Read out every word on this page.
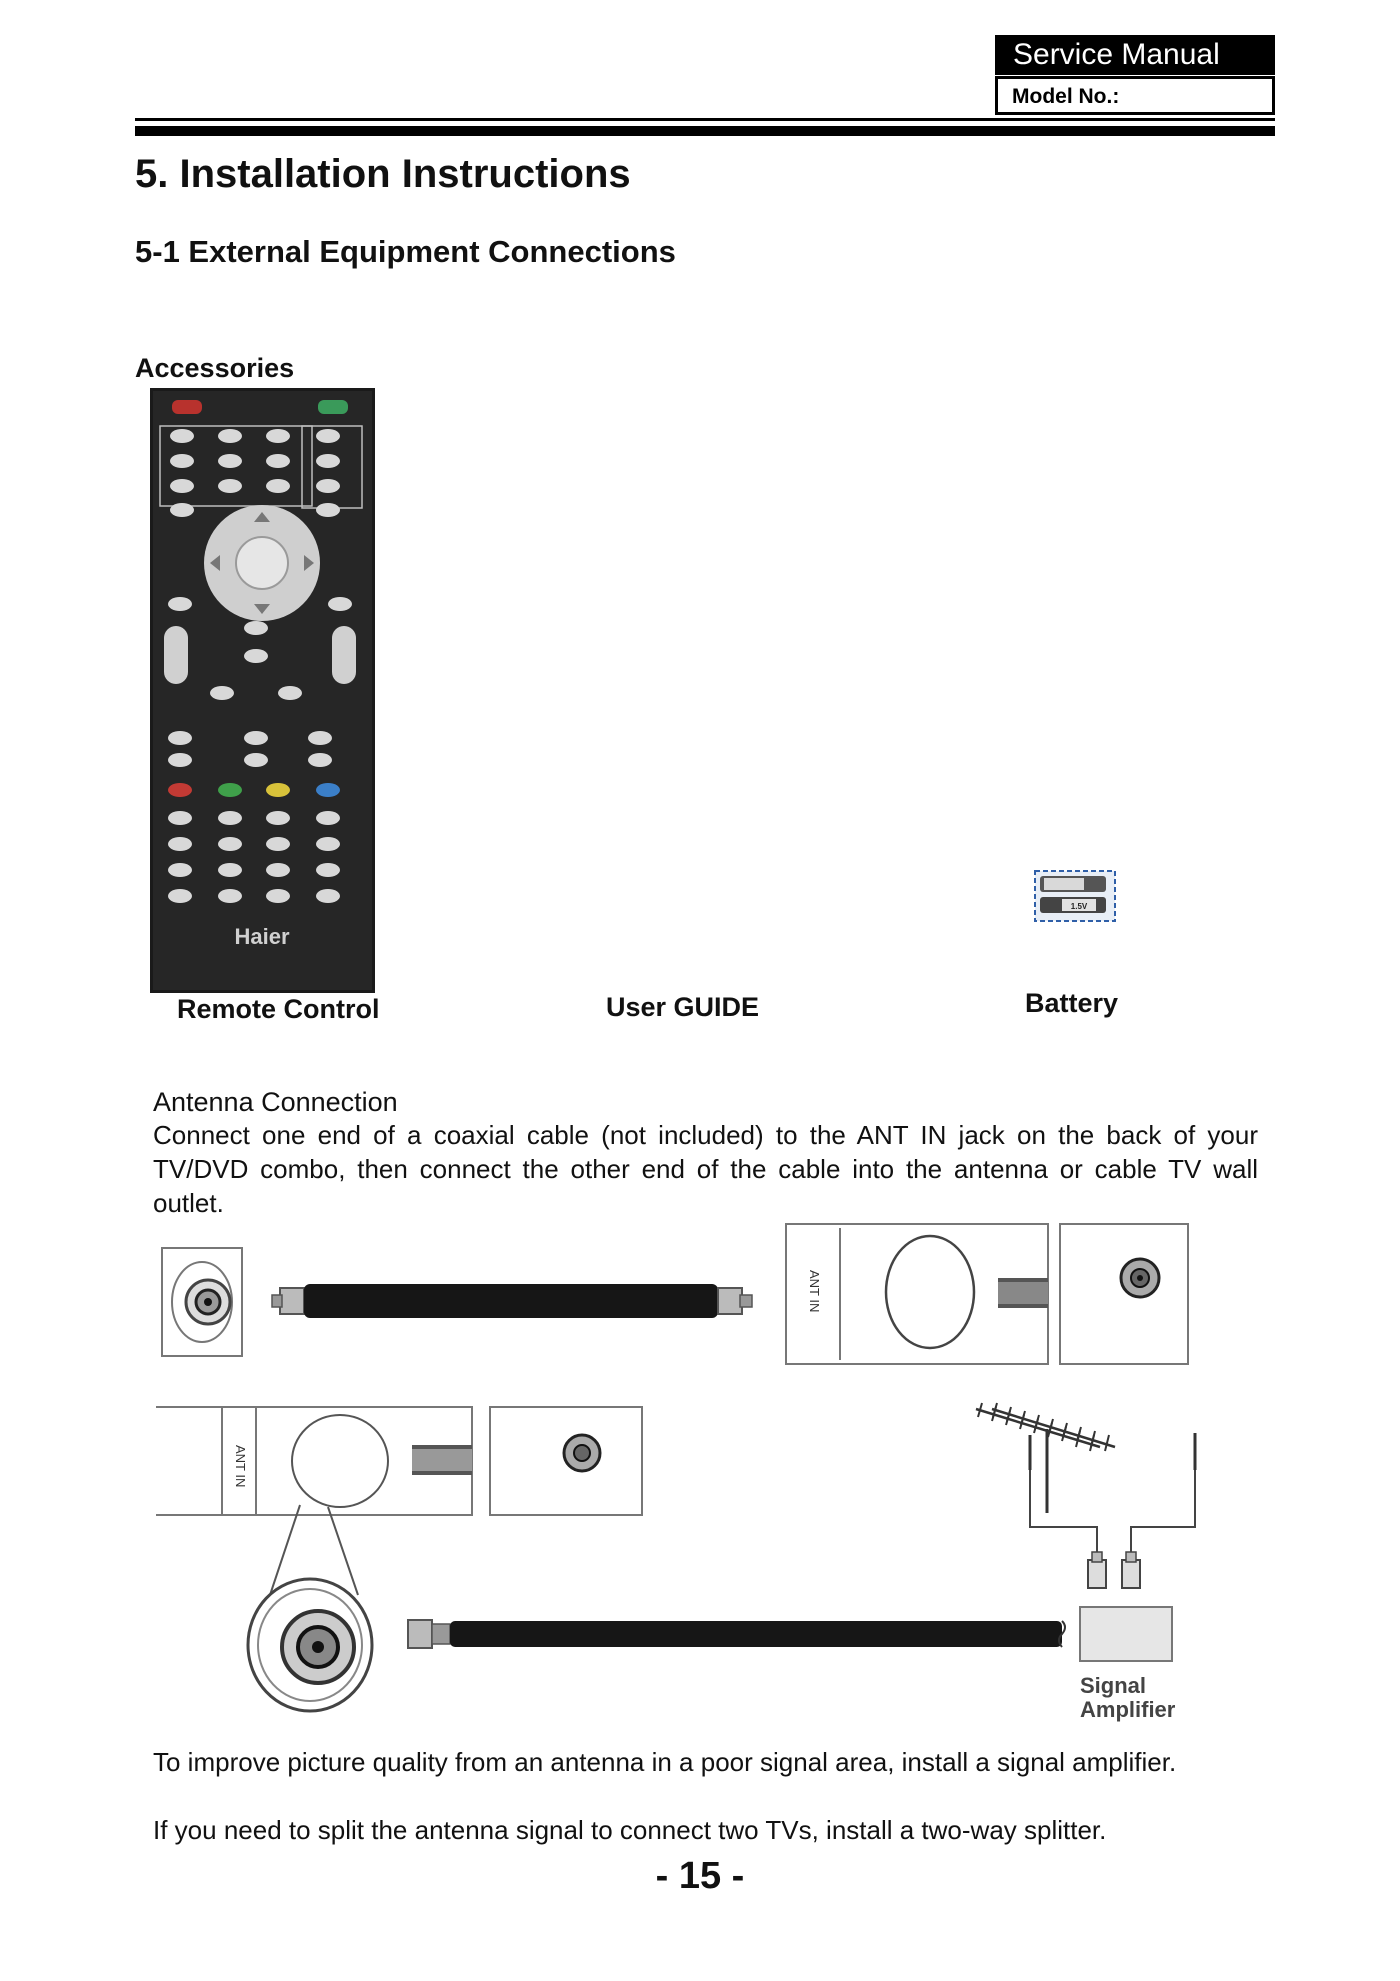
Service Manual
Model No.:
5. Installation Instructions
5-1 External Equipment Connections
Accessories
Haier
1.5V
Remote Control	User GUIDE	Battery
Antenna Connection

Connect one end of a coaxial cable (not included) to the ANT IN jack on the back of your TV/DVD combo, then connect the other end of the cable into the antenna or cable TV wall outlet.

ANT IN
ANT IN
Signal
Amplifier

To improve picture quality from an antenna in a poor signal area, install a signal amplifier.

If you need to split the antenna signal to connect two TVs, install a two-way splitter.

- 15 -
